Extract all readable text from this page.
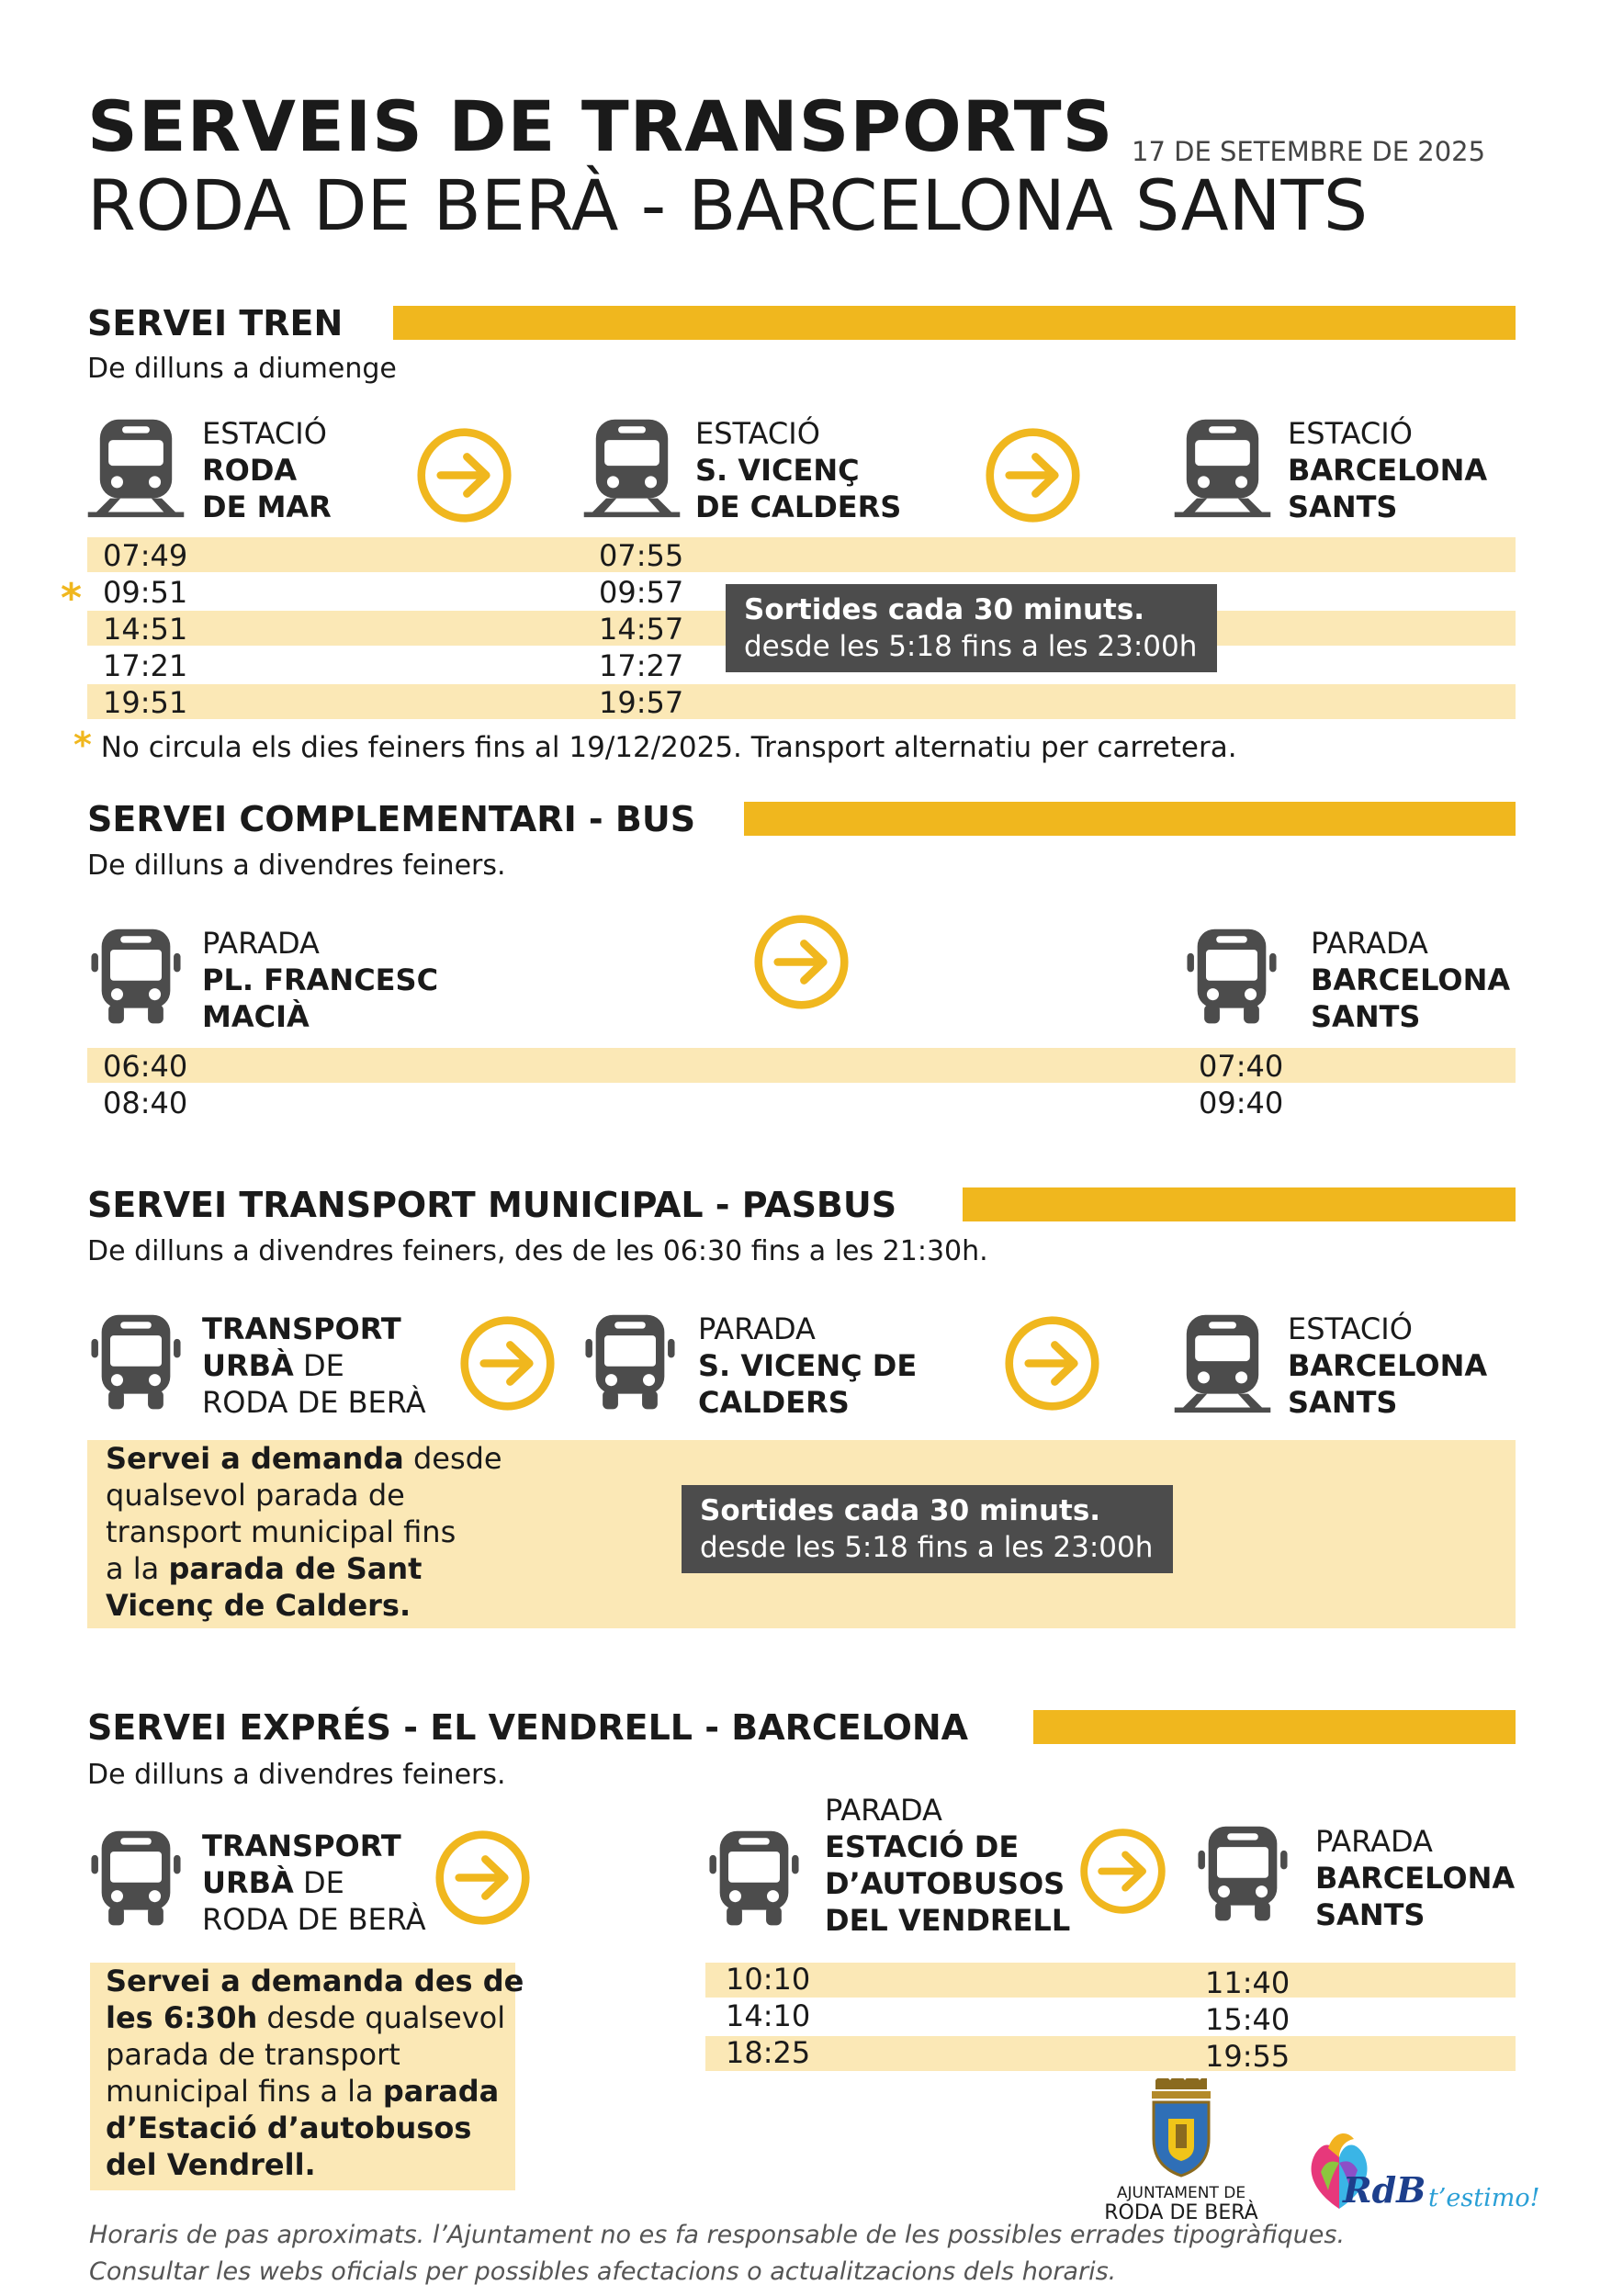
SERVEIS DE TRANSPORTS 17 DE SETEMBRE DE 2025
RODA DE BERÀ - BARCELONA SANTS
SERVEI TREN
De dilluns a diumenge
ESTACIÓ
RODA
DE MAR
ESTACIÓ
S. VICENÇ
DE CALDERS
ESTACIÓ
BARCELONA
SANTS
*
07:49
09:51
14:51
17:21
19:51
07:55
09:57
14:57
17:27
19:57
Sortides cada 30 minuts.
desde les 5:18 fins a les 23:00h
* No circula els dies feiners fins al 19/12/2025. Transport alternatiu per carretera.
SERVEI COMPLEMENTARI - BUS
De dilluns a divendres feiners.
PARADA
PL. FRANCESC
MACIÀ
PARADA
BARCELONA
SANTS
06:40
08:40
07:40
09:40
SERVEI TRANSPORT MUNICIPAL - PASBUS
De dilluns a divendres feiners, des de les 06:30 fins a les 21:30h.
TRANSPORT
URBÀ DE
RODA DE BERÀ
PARADA
S. VICENÇ DE
CALDERS
ESTACIÓ
BARCELONA
SANTS
Servei a demanda desde
qualsevol parada de
transport municipal fins
a la parada de Sant
Vicenç de Calders.
Sortides cada 30 minuts.
desde les 5:18 fins a les 23:00h
SERVEI EXPRÉS - EL VENDRELL - BARCELONA
De dilluns a divendres feiners.
TRANSPORT
URBÀ DE
RODA DE BERÀ
PARADA
ESTACIÓ DE
D’AUTOBUSOS
DEL VENDRELL
PARADA
BARCELONA
SANTS
Servei a demanda des de
les 6:30h desde qualsevol
parada de transport
municipal fins a la parada
d’Estació d’autobusos
del Vendrell.
10:10
14:10
18:25
11:40
15:40
19:55
AJUNTAMENT DE
RODA DE BERÀ
RdB t’estimo!
Horaris de pas aproximats. l’Ajuntament no es fa responsable de les possibles errades tipogràfiques.
Consultar les webs oficials per possibles afectacions o actualitzacions dels horaris.
